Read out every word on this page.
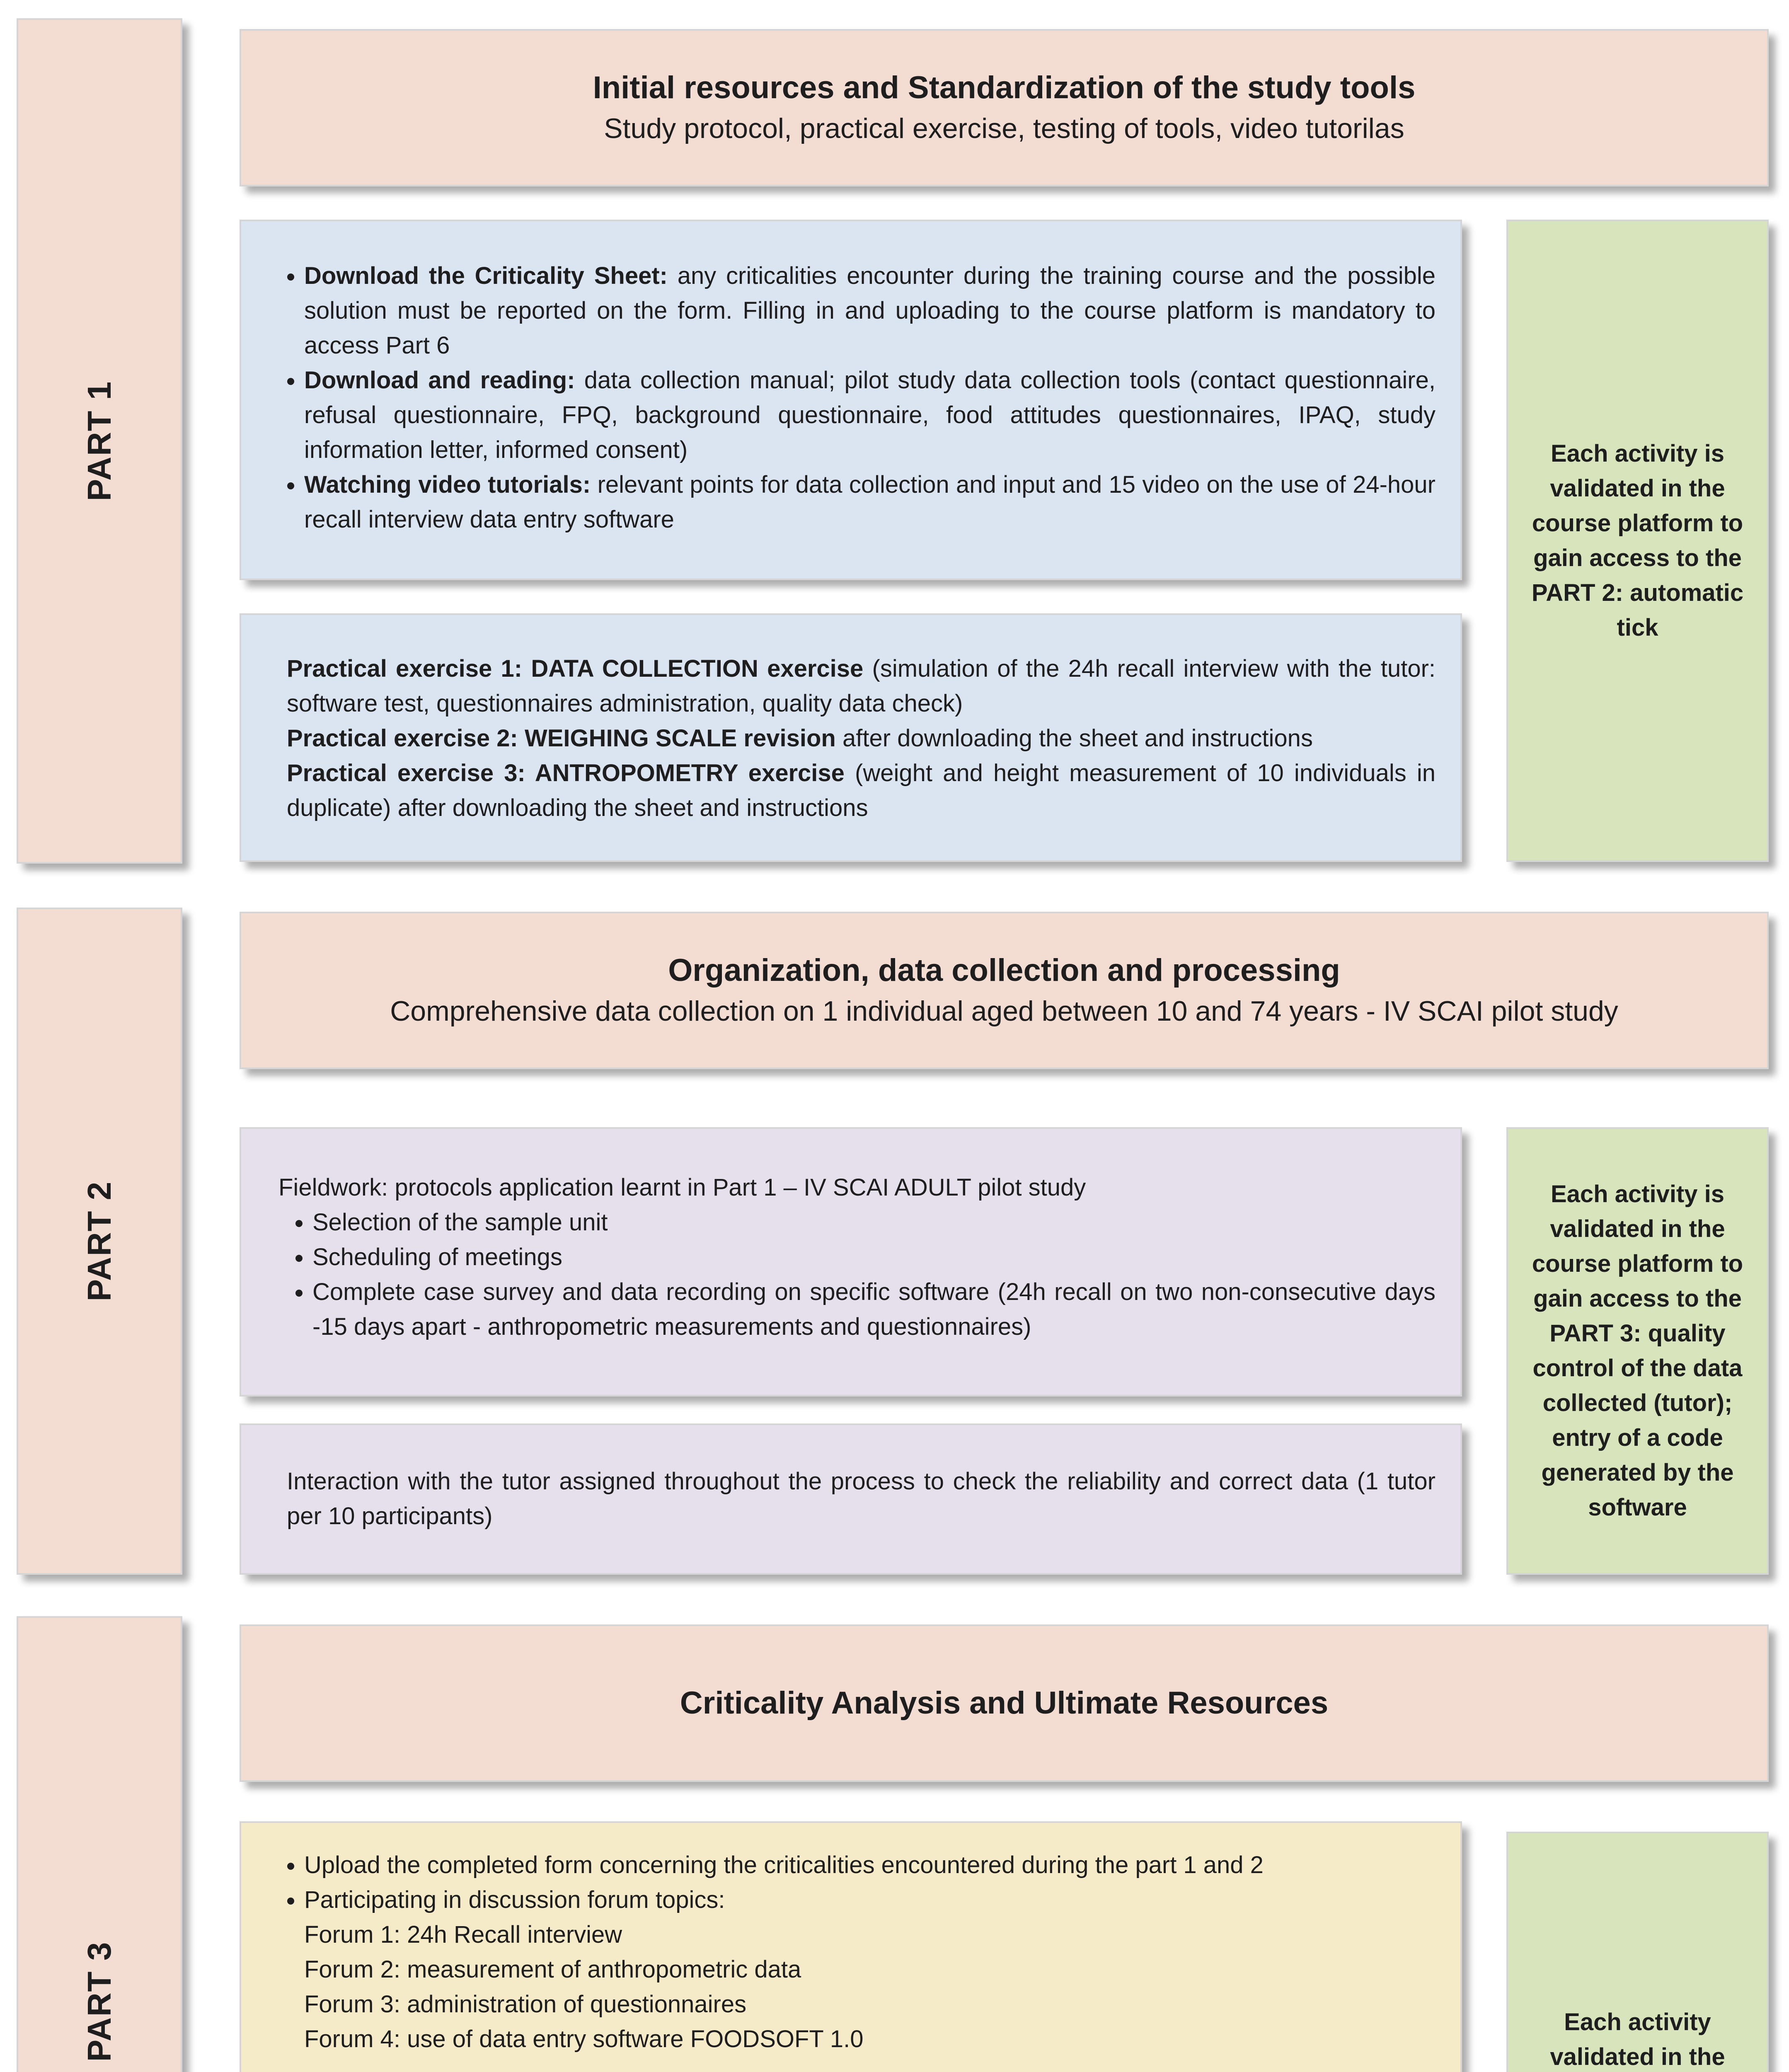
PART 1
Initial resources and Standardization of the study tools
Study protocol, practical exercise, testing of tools, video tutorilas
• Download the Criticality Sheet: any criticalities encounter during the training course and the possible solution must be reported on the form. Filling in and uploading to the course platform is mandatory to access Part 6
• Download and reading: data collection manual; pilot study data collection tools (contact questionnaire, refusal questionnaire, FPQ, background questionnaire, food attitudes questionnaires, IPAQ, study information letter, informed consent)
• Watching video tutorials: relevant points for data collection and input and 15 video on the use of 24-hour recall interview data entry software

Practical exercise 1: DATA COLLECTION exercise (simulation of the 24h recall interview with the tutor: software test, questionnaires administration, quality data check)

Practical exercise 2: WEIGHING SCALE revision after downloading the sheet and instructions

Practical exercise 3: ANTROPOMETRY exercise (weight and height measurement of 10 individuals in duplicate) after downloading the sheet and instructions

Each activity is validated in the course platform to gain access to the PART 2: automatic tick
PART 2
Organization, data collection and processing
Comprehensive data collection on 1 individual aged between 10 and 74 years - IV SCAI pilot study

Fieldwork: protocols application learnt in Part 1 – IV SCAI ADULT pilot study

• Selection of the sample unit
• Scheduling of meetings
• Complete case survey and data recording on specific software (24h recall on two non-consecutive days -15 days apart - anthropometric measurements and questionnaires)

Interaction with the tutor assigned throughout the process to check the reliability and correct data (1 tutor per 10 participants)

Each activity is validated in the course platform to gain access to the PART 3: quality control of the data collected (tutor); entry of a code generated by the software
PART 3
Criticality Analysis and Ultimate Resources
• Upload the completed form concerning the criticalities encountered during the part 1 and 2
• Participating in discussion forum topics:

Forum 1: 24h Recall interview

Forum 2: measurement of anthropometric data

Forum 3: administration of questionnaires

Forum 4: use of data entry software FOODSOFT 1.0

Each activity validated in the
